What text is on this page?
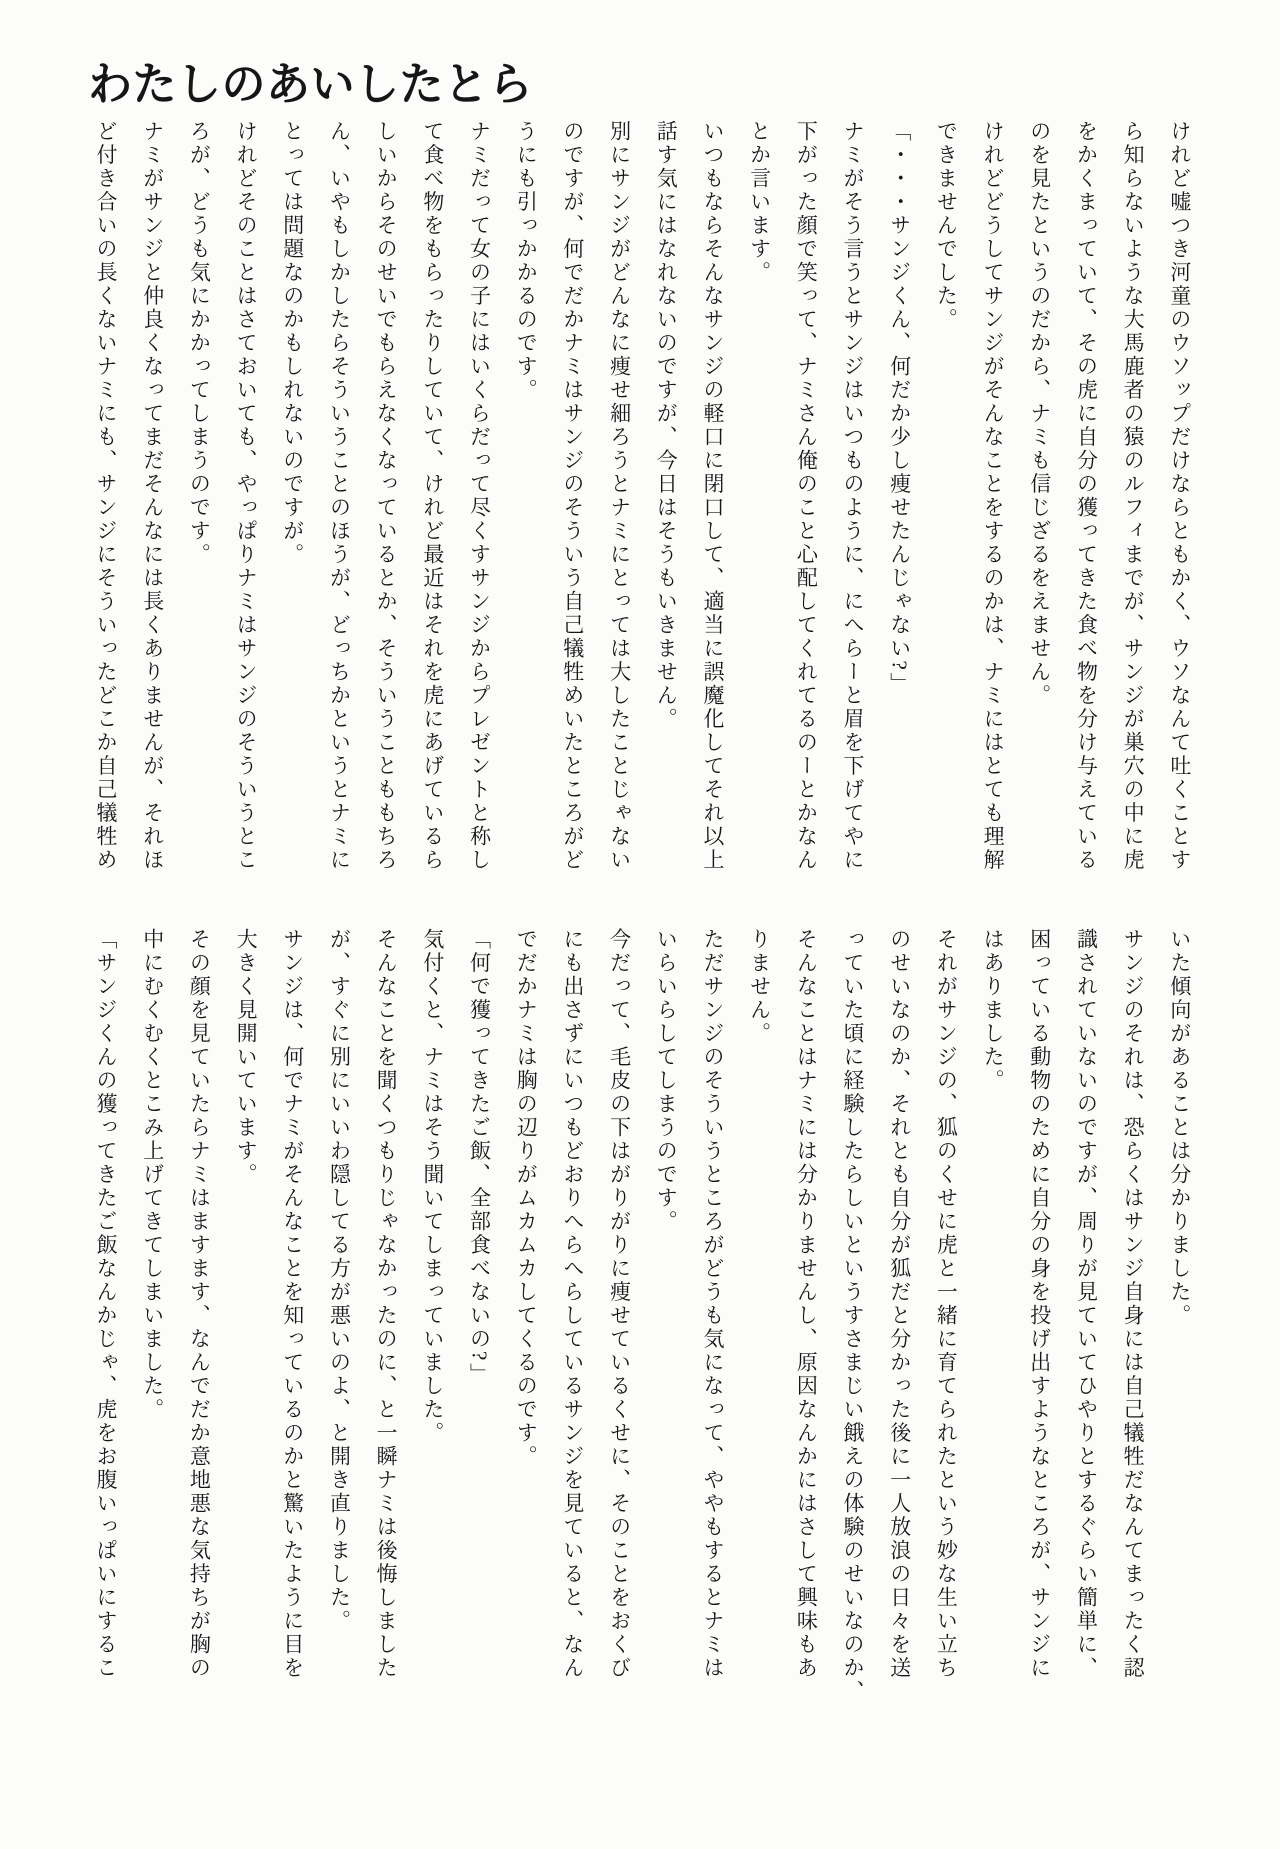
わたしのあいしたとら
けれど嘘つき河童のウソップだけならともかく、ウソなんて吐くことす
ら知らないような大馬鹿者の猿のルフィまでが、サンジが巣穴の中に虎
をかくまっていて、その虎に自分の獲ってきた食べ物を分け与えている
のを見たというのだから、ナミも信じざるをえません。
けれどどうしてサンジがそんなことをするのかは、ナミにはとても理解
できませんでした。
「・・・サンジくん、何だか少し痩せたんじゃない?」
ナミがそう言うとサンジはいつものように、にへらーと眉を下げてやに
下がった顔で笑って、ナミさん俺のこと心配してくれてるのーとかなん
とか言います。
いつもならそんなサンジの軽口に閉口して、適当に誤魔化してそれ以上
話す気にはなれないのですが、今日はそうもいきません。
別にサンジがどんなに痩せ細ろうとナミにとっては大したことじゃない
のですが、何でだかナミはサンジのそういう自己犠牲めいたところがど
うにも引っかかるのです。
ナミだって女の子にはいくらだって尽くすサンジからプレゼントと称し
て食べ物をもらったりしていて、けれど最近はそれを虎にあげているら
しいからそのせいでもらえなくなっているとか、そういうことももちろ
ん、いやもしかしたらそういうことのほうが、どっちかというとナミに
とっては問題なのかもしれないのですが。
けれどそのことはさておいても、やっぱりナミはサンジのそういうとこ
ろが、どうも気にかかってしまうのです。
ナミがサンジと仲良くなってまだそんなには長くありませんが、それほ
ど付き合いの長くないナミにも、サンジにそういったどこか自己犠牲め
いた傾向があることは分かりました。
サンジのそれは、恐らくはサンジ自身には自己犠牲だなんてまったく認
識されていないのですが、周りが見ていてひやりとするぐらい簡単に、
困っている動物のために自分の身を投げ出すようなところが、サンジに
はありました。
それがサンジの、狐のくせに虎と一緒に育てられたという妙な生い立ち
のせいなのか、それとも自分が狐だと分かった後に一人放浪の日々を送
っていた頃に経験したらしいというすさまじい餓えの体験のせいなのか、
そんなことはナミには分かりませんし、原因なんかにはさして興味もあ
りません。
ただサンジのそういうところがどうも気になって、ややもするとナミは
いらいらしてしまうのです。
今だって、毛皮の下はがりがりに痩せているくせに、そのことをおくび
にも出さずにいつもどおりへらへらしているサンジを見ていると、なん
でだかナミは胸の辺りがムカムカしてくるのです。
「何で獲ってきたご飯、全部食べないの?」
気付くと、ナミはそう聞いてしまっていました。
そんなことを聞くつもりじゃなかったのに、と一瞬ナミは後悔しました
が、すぐに別にいいわ隠してる方が悪いのよ、と開き直りました。
サンジは、何でナミがそんなことを知っているのかと驚いたように目を
大きく見開いています。
その顔を見ていたらナミはますます、なんでだか意地悪な気持ちが胸の
中にむくむくとこみ上げてきてしまいました。
「サンジくんの獲ってきたご飯なんかじゃ、虎をお腹いっぱいにするこ
